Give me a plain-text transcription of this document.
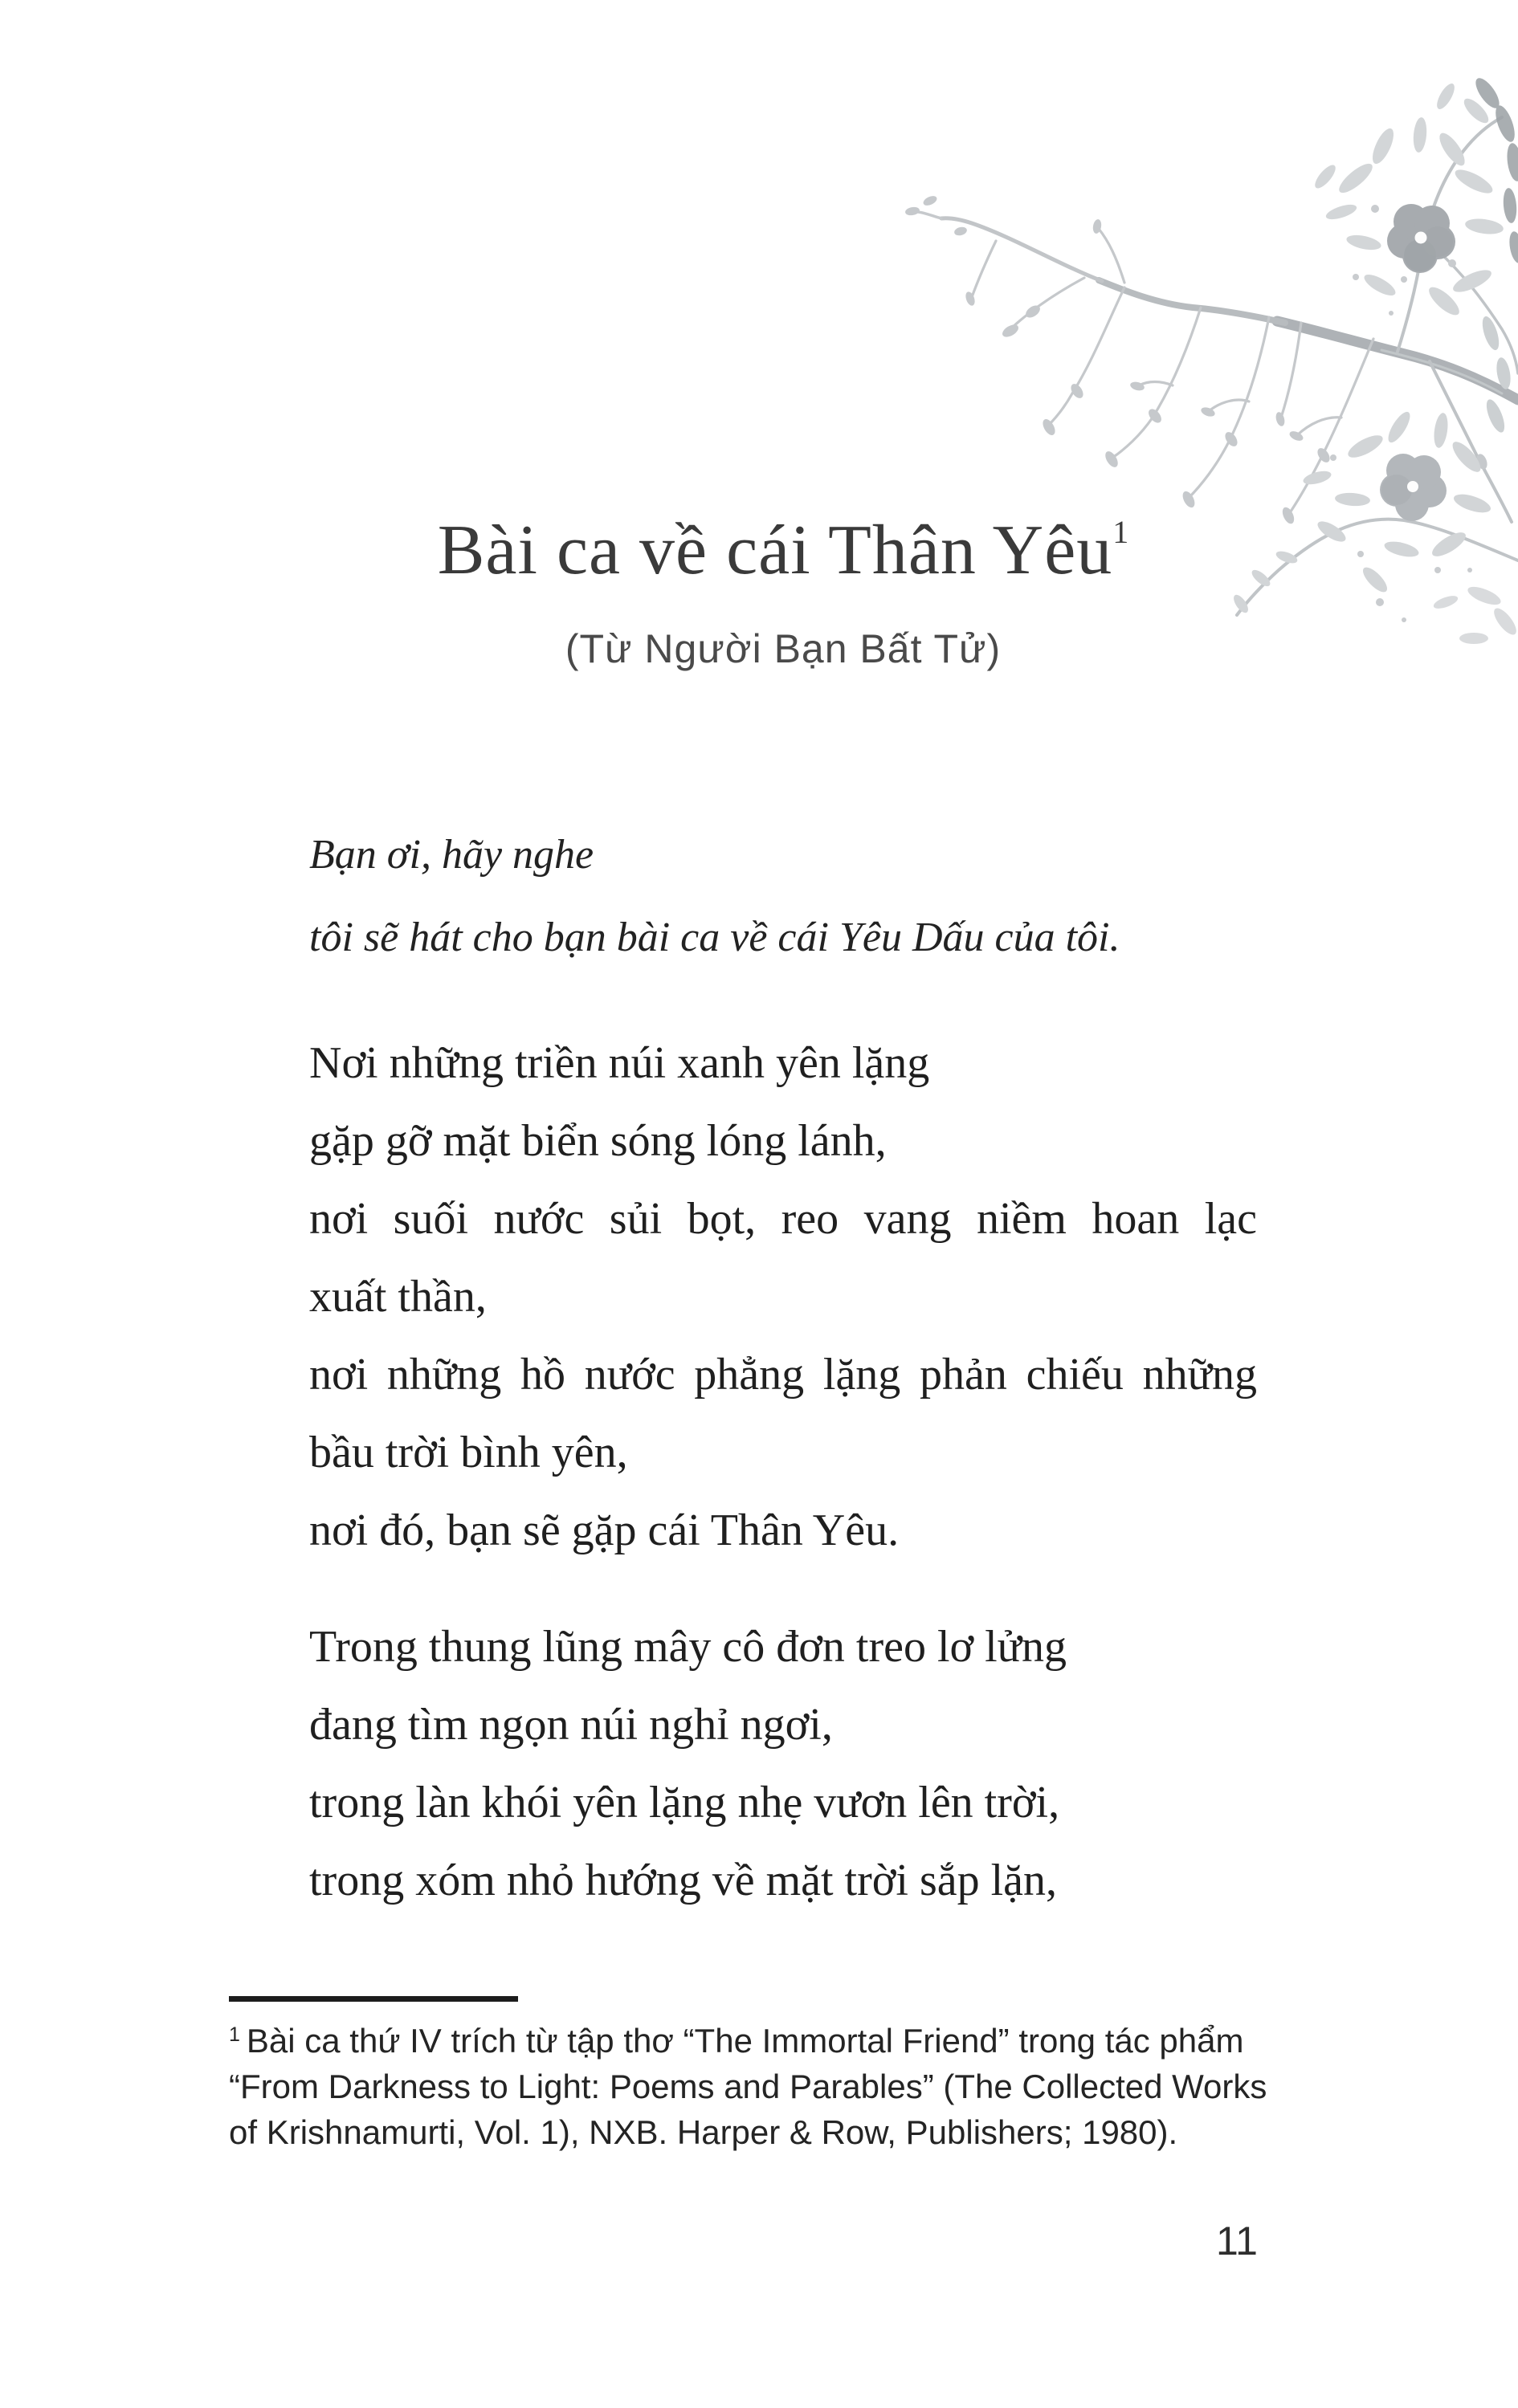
Bài ca về cái Thân Yêu$^1$
(Từ Người Bạn Bất Tử)
Bạn ơi, hãy nghe
tôi sẽ hát cho bạn bài ca về cái Yêu Dấu của tôi.
Nơi những triền núi xanh yên lặng
gặp gỡ mặt biển sóng lóng lánh,
nơi suối nước sủi bọt, reo vang niềm hoan lạc
xuất thần,
nơi những hồ nước phẳng lặng phản chiếu những
bầu trời bình yên,
nơi đó, bạn sẽ gặp cái Thân Yêu.
Trong thung lũng mây cô đơn treo lơ lửng
đang tìm ngọn núi nghỉ ngơi,
trong làn khói yên lặng nhẹ vươn lên trời,
trong xóm nhỏ hướng về mặt trời sắp lặn,
$^1$ Bài ca thứ IV trích từ tập thơ “The Immortal Friend” trong tác phẩm
“From Darkness to Light: Poems and Parables” (The Collected Works
of Krishnamurti, Vol. 1), NXB. Harper & Row, Publishers; 1980).
11
